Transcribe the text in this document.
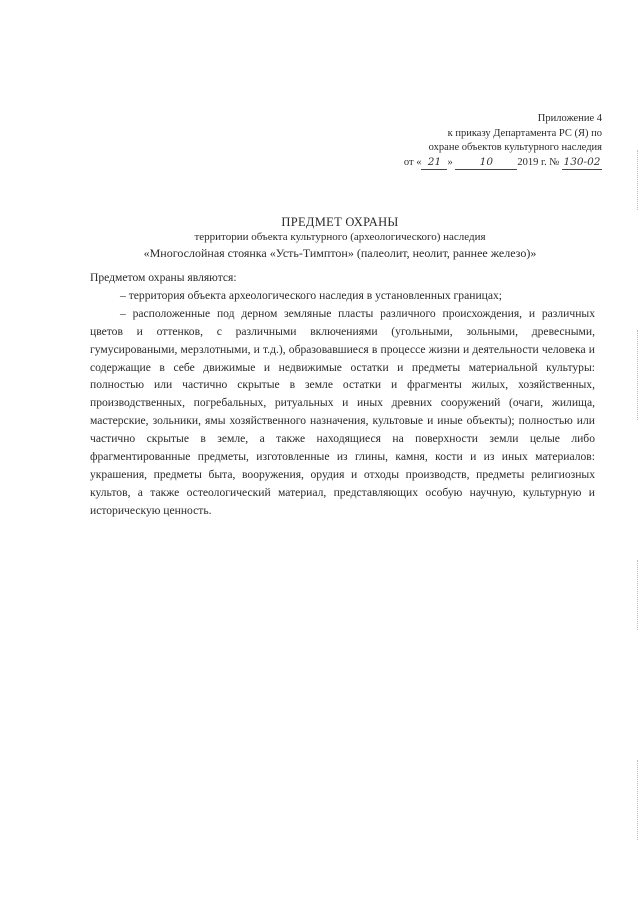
Приложение 4
к приказу Департамента РС (Я) по
охране объектов культурного наследия
от « 21 »	10 2019 г. № 130-02
ПРЕДМЕТ ОХРАНЫ
территории объекта культурного (археологического) наследия
«Многослойная стоянка «Усть-Тимптон» (палеолит, неолит, раннее железо)»

Предметом охраны являются:

– территория объекта археологического наследия в установленных границах;

– расположенные под дерном земляные пласты различного происхождения, и различных цветов и оттенков, с различными включениями (угольными, зольными, древесными, гумусироваными, мерзлотными, и т.д.), образовавшиеся в процессе жизни и деятельности человека и содержащие в себе движимые и недвижимые остатки и предметы материальной культуры: полностью или частично скрытые в земле остатки и фрагменты жилых, хозяйственных, производственных, погребальных, ритуальных и иных древних сооружений (очаги, жилища, мастерские, зольники, ямы хозяйственного назначения, культовые и иные объекты); полностью или частично скрытые в земле, а также находящиеся на поверхности земли целые либо фрагментированные предметы, изготовленные из глины, камня, кости и из иных материалов: украшения, предметы быта, вооружения, орудия и отходы производств, предметы религиозных культов, а также остеологический материал, представляющих особую научную, культурную и историческую ценность.
